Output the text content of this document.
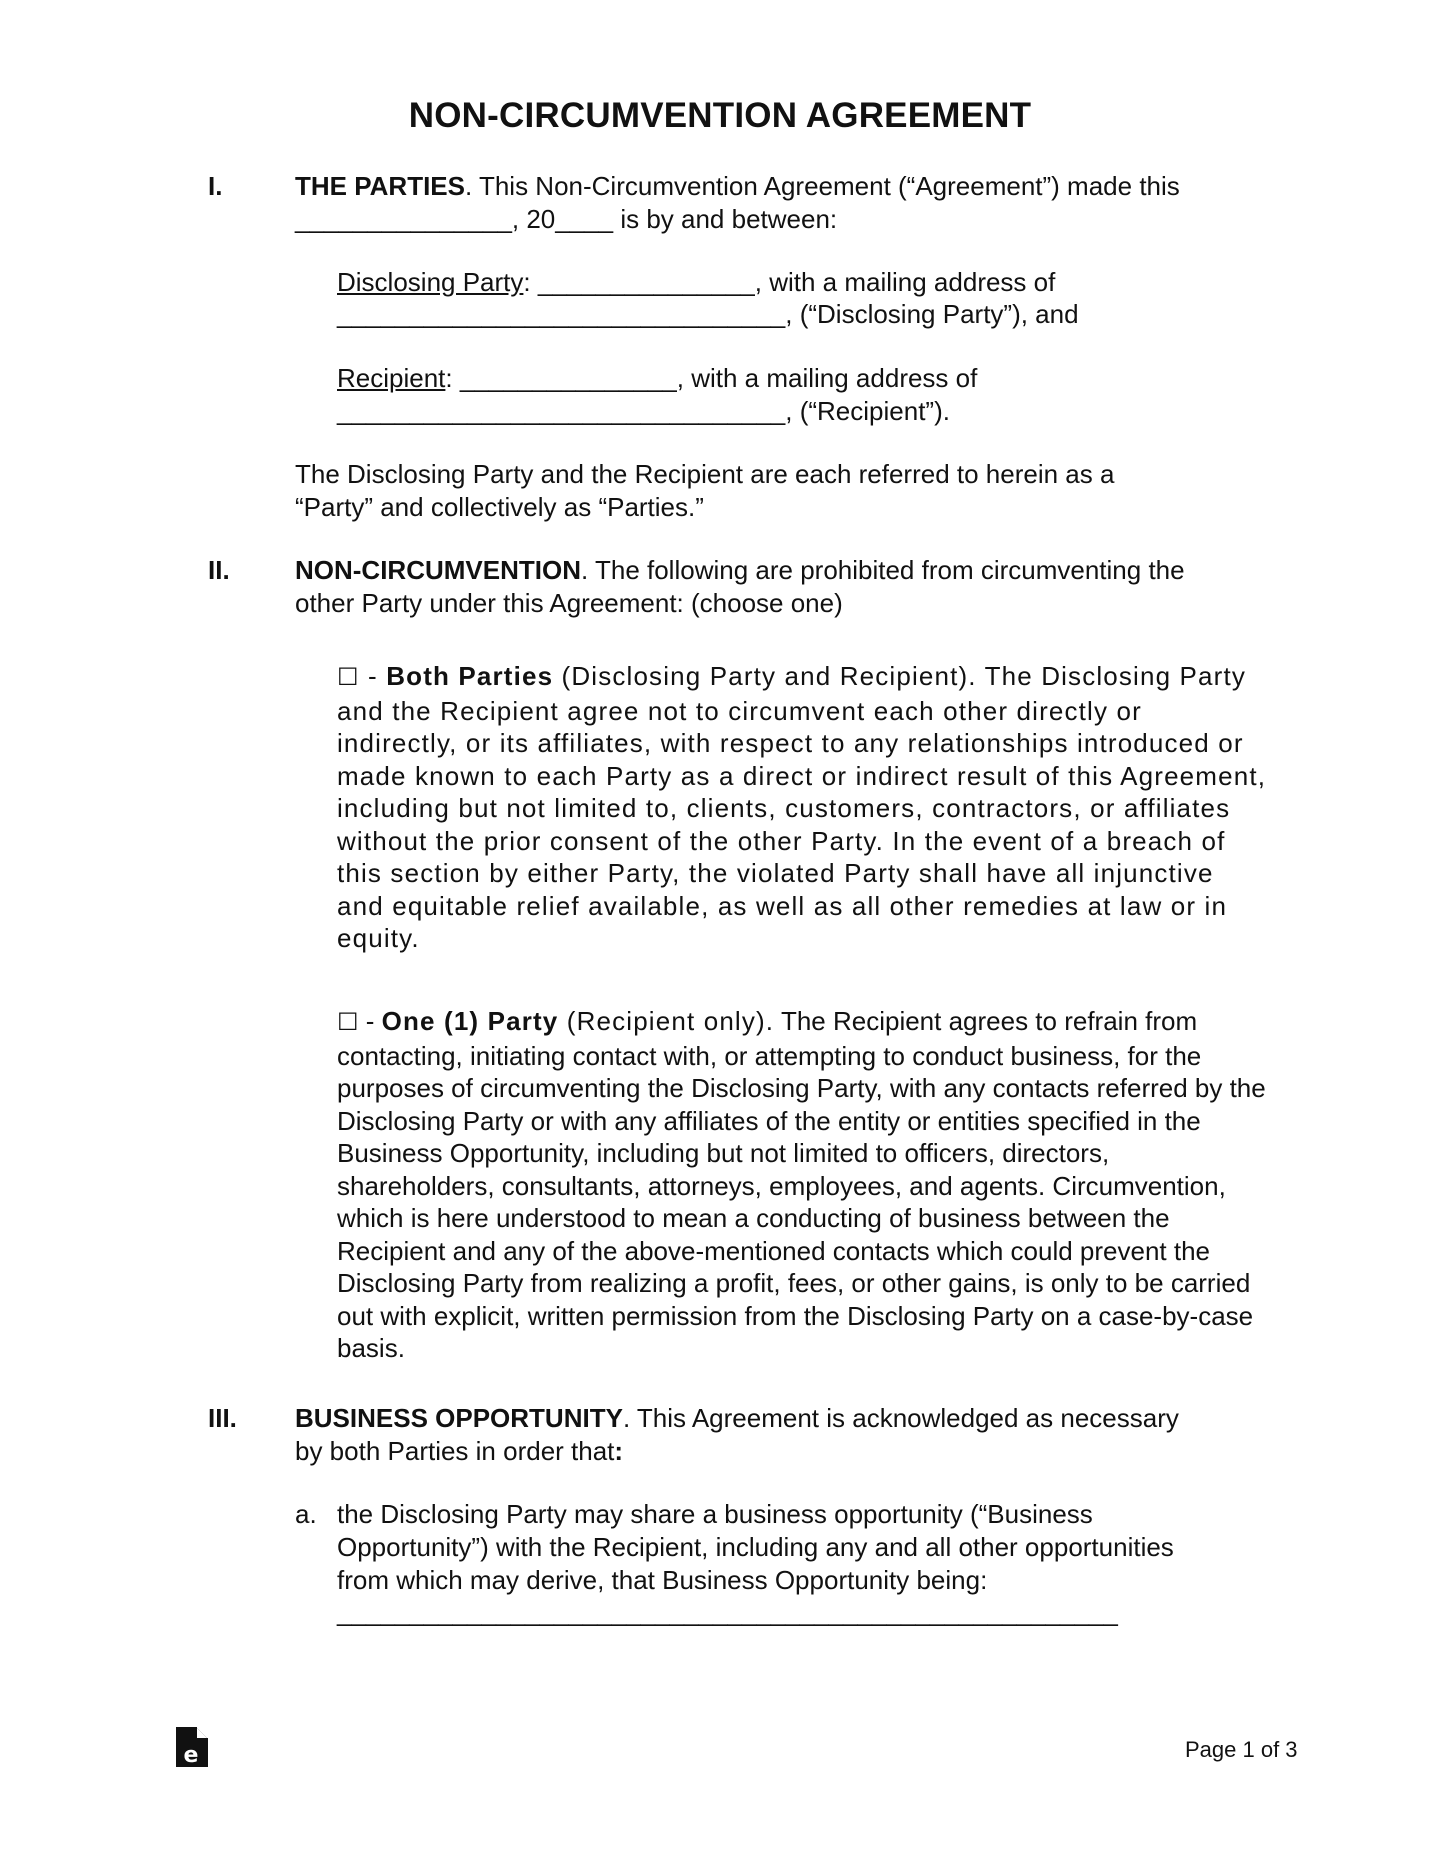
NON-CIRCUMVENTION AGREEMENT
I.	THE PARTIES. This Non-Circumvention Agreement (“Agreement”) made this
_______________, 20____ is by and between:
Disclosing Party: _______________, with a mailing address of
_______________________________, (“Disclosing Party”), and
Recipient: _______________, with a mailing address of
_______________________________, (“Recipient”).
The Disclosing Party and the Recipient are each referred to herein as a
“Party” and collectively as “Parties.”
II.	NON-CIRCUMVENTION. The following are prohibited from circumventing the
other Party under this Agreement: (choose one)
☐ - Both Parties (Disclosing Party and Recipient). The Disclosing Party and the Recipient agree not to circumvent each other directly or indirectly, or its affiliates, with respect to any relationships introduced or made known to each Party as a direct or indirect result of this Agreement, including but not limited to, clients, customers, contractors, or affiliates without the prior consent of the other Party. In the event of a breach of this section by either Party, the violated Party shall have all injunctive and equitable relief available, as well as all other remedies at law or in equity.
☐ - One (1) Party (Recipient only). The Recipient agrees to refrain from contacting, initiating contact with, or attempting to conduct business, for the purposes of circumventing the Disclosing Party, with any contacts referred by the Disclosing Party or with any affiliates of the entity or entities specified in the Business Opportunity, including but not limited to officers, directors, shareholders, consultants, attorneys, employees, and agents. Circumvention, which is here understood to mean a conducting of business between the Recipient and any of the above-mentioned contacts which could prevent the Disclosing Party from realizing a profit, fees, or other gains, is only to be carried out with explicit, written permission from the Disclosing Party on a case-by-case basis.
III. BUSINESS OPPORTUNITY. This Agreement is acknowledged as necessary
by both Parties in order that:
a. the Disclosing Party may share a business opportunity (“Business
Opportunity”) with the Recipient, including any and all other opportunities
from which may derive, that Business Opportunity being:
______________________________________________________
e	Page 1 of 3
